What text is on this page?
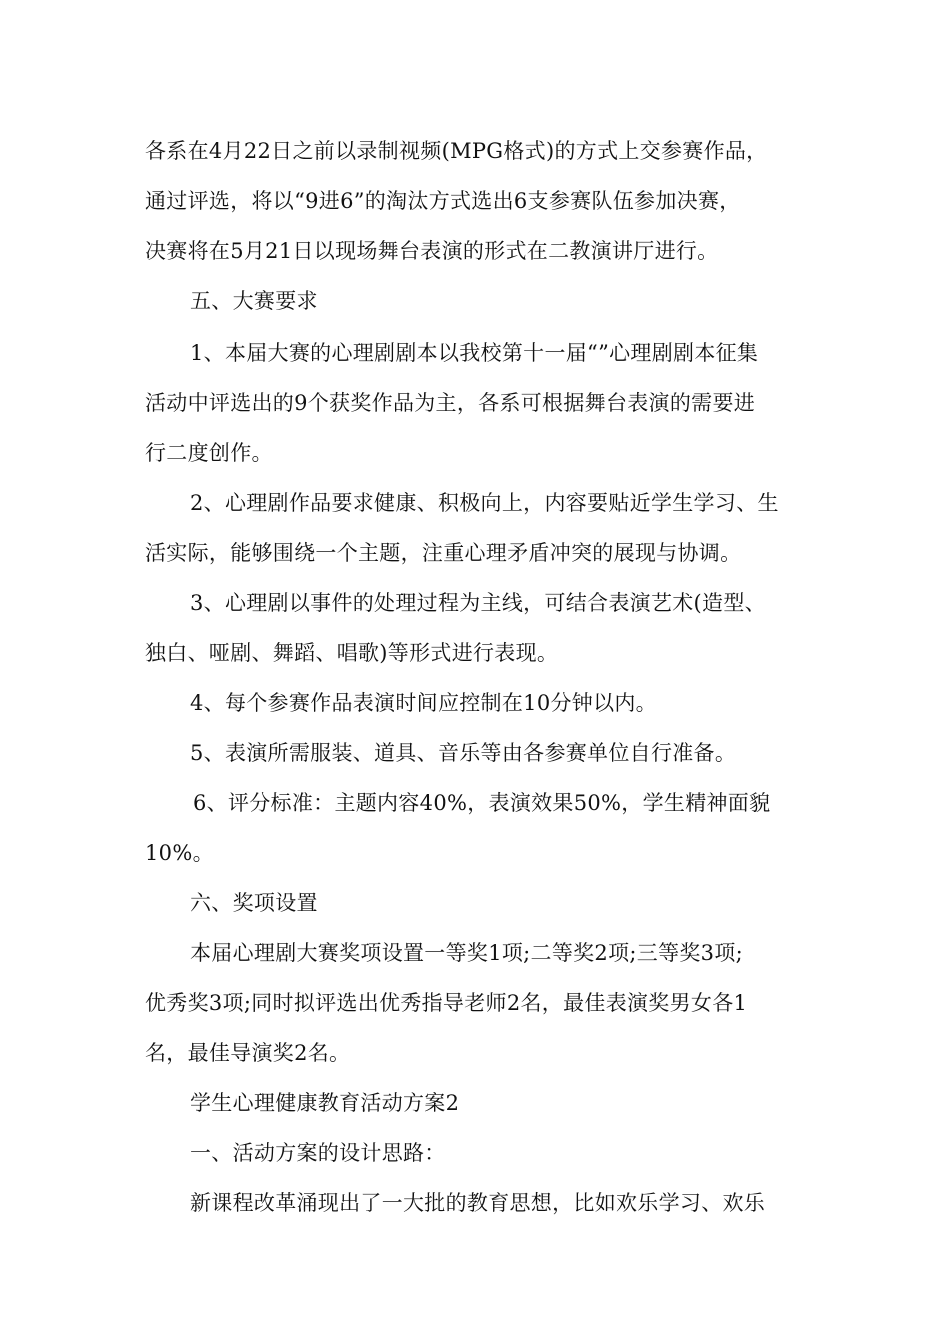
各系在4月22日之前以录制视频(MPG格式)的方式上交参赛作品，
通过评选，将以“9进6”的淘汰方式选出6支参赛队伍参加决赛，
决赛将在5月21日以现场舞台表演的形式在二教演讲厅进行。
五、大赛要求
1、本届大赛的心理剧剧本以我校第十一届“”心理剧剧本征集
活动中评选出的9个获奖作品为主，各系可根据舞台表演的需要进
行二度创作。
2、心理剧作品要求健康、积极向上，内容要贴近学生学习、生
活实际，能够围绕一个主题，注重心理矛盾冲突的展现与协调。
3、心理剧以事件的处理过程为主线，可结合表演艺术(造型、
独白、哑剧、舞蹈、唱歌)等形式进行表现。
4、每个参赛作品表演时间应控制在10分钟以内。
5、表演所需服装、道具、音乐等由各参赛单位自行准备。
6、评分标准：主题内容40%，表演效果50%，学生精神面貌
10%。
六、奖项设置
本届心理剧大赛奖项设置一等奖1项;二等奖2项;三等奖3项;
优秀奖3项;同时拟评选出优秀指导老师2名，最佳表演奖男女各1
名，最佳导演奖2名。
学生心理健康教育活动方案2
一、活动方案的设计思路：
新课程改革涌现出了一大批的教育思想，比如欢乐学习、欢乐
